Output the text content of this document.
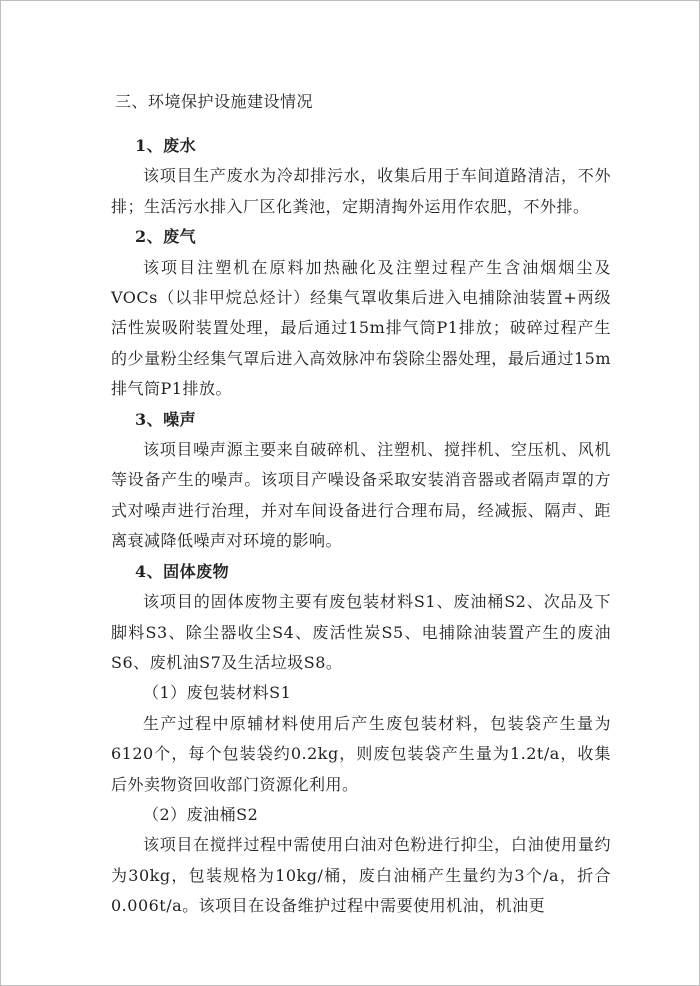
三、环境保护设施建设情况

1、废水

该项目生产废水为冷却排污水，收集后用于车间道路清洁，不外排；生活污水排入厂区化粪池，定期清掏外运用作农肥，不外排。

2、废气

该项目注塑机在原料加热融化及注塑过程产生含油烟烟尘及VOCs（以非甲烷总烃计）经集气罩收集后进入电捕除油装置+两级活性炭吸附装置处理，最后通过15m排气筒P1排放；破碎过程产生的少量粉尘经集气罩后进入高效脉冲布袋除尘器处理，最后通过15m排气筒P1排放。

3、噪声

该项目噪声源主要来自破碎机、注塑机、搅拌机、空压机、风机等设备产生的噪声。该项目产噪设备采取安装消音器或者隔声罩的方式对噪声进行治理，并对车间设备进行合理布局，经减振、隔声、距离衰减降低噪声对环境的影响。

4、固体废物

该项目的固体废物主要有废包装材料S1、废油桶S2、次品及下脚料S3、除尘器收尘S4、废活性炭S5、电捕除油装置产生的废油S6、废机油S7及生活垃圾S8。

（1）废包装材料S1

生产过程中原辅材料使用后产生废包装材料，包装袋产生量为6120个，每个包装袋约0.2kg，则废包装袋产生量为1.2t/a，收集后外卖物资回收部门资源化利用。

（2）废油桶S2

该项目在搅拌过程中需使用白油对色粉进行抑尘，白油使用量约为30kg，包装规格为10kg/桶，废白油桶产生量约为3个/a，折合0.006t/a。该项目在设备维护过程中需要使用机油，机油更
